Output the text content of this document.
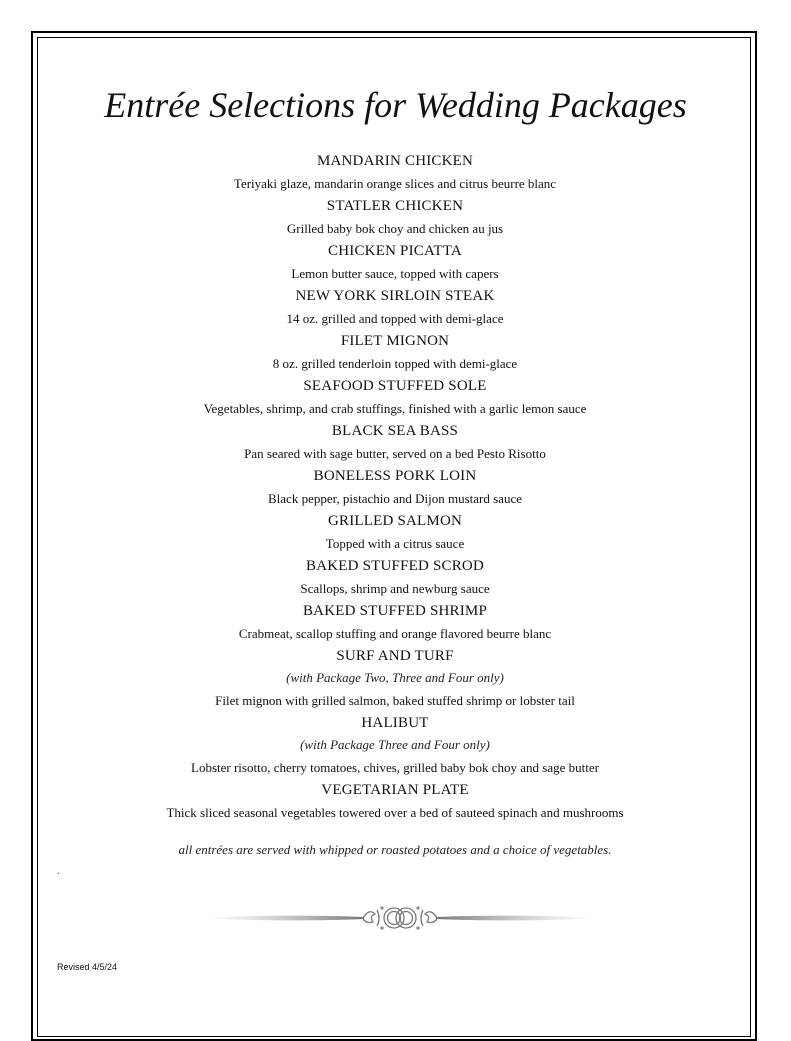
Entrée Selections for Wedding Packages
MANDARIN CHICKEN
Teriyaki glaze, mandarin orange slices and citrus beurre blanc
STATLER CHICKEN
Grilled baby bok choy and chicken au jus
CHICKEN PICATTA
Lemon butter sauce, topped with capers
NEW YORK SIRLOIN STEAK
14 oz. grilled and topped with demi-glace
FILET MIGNON
8 oz. grilled tenderloin topped with demi-glace
SEAFOOD STUFFED SOLE
Vegetables, shrimp, and crab stuffings, finished with a garlic lemon sauce
BLACK SEA BASS
Pan seared with sage butter, served on a bed Pesto Risotto
BONELESS PORK LOIN
Black pepper, pistachio and Dijon mustard sauce
GRILLED SALMON
Topped with a citrus sauce
BAKED STUFFED SCROD
Scallops, shrimp and newburg sauce
BAKED STUFFED SHRIMP
Crabmeat, scallop stuffing and orange flavored beurre blanc
SURF AND TURF
(with Package Two, Three and Four only)
Filet mignon with grilled salmon, baked stuffed shrimp or lobster tail
HALIBUT
(with Package Three and Four only)
Lobster risotto, cherry tomatoes, chives, grilled baby bok choy and sage butter
VEGETARIAN PLATE
Thick sliced seasonal vegetables towered over a bed of sauteed spinach and mushrooms
all entrées are served with whipped or roasted potatoes and a choice of vegetables.
.
Revised 4/5/24
